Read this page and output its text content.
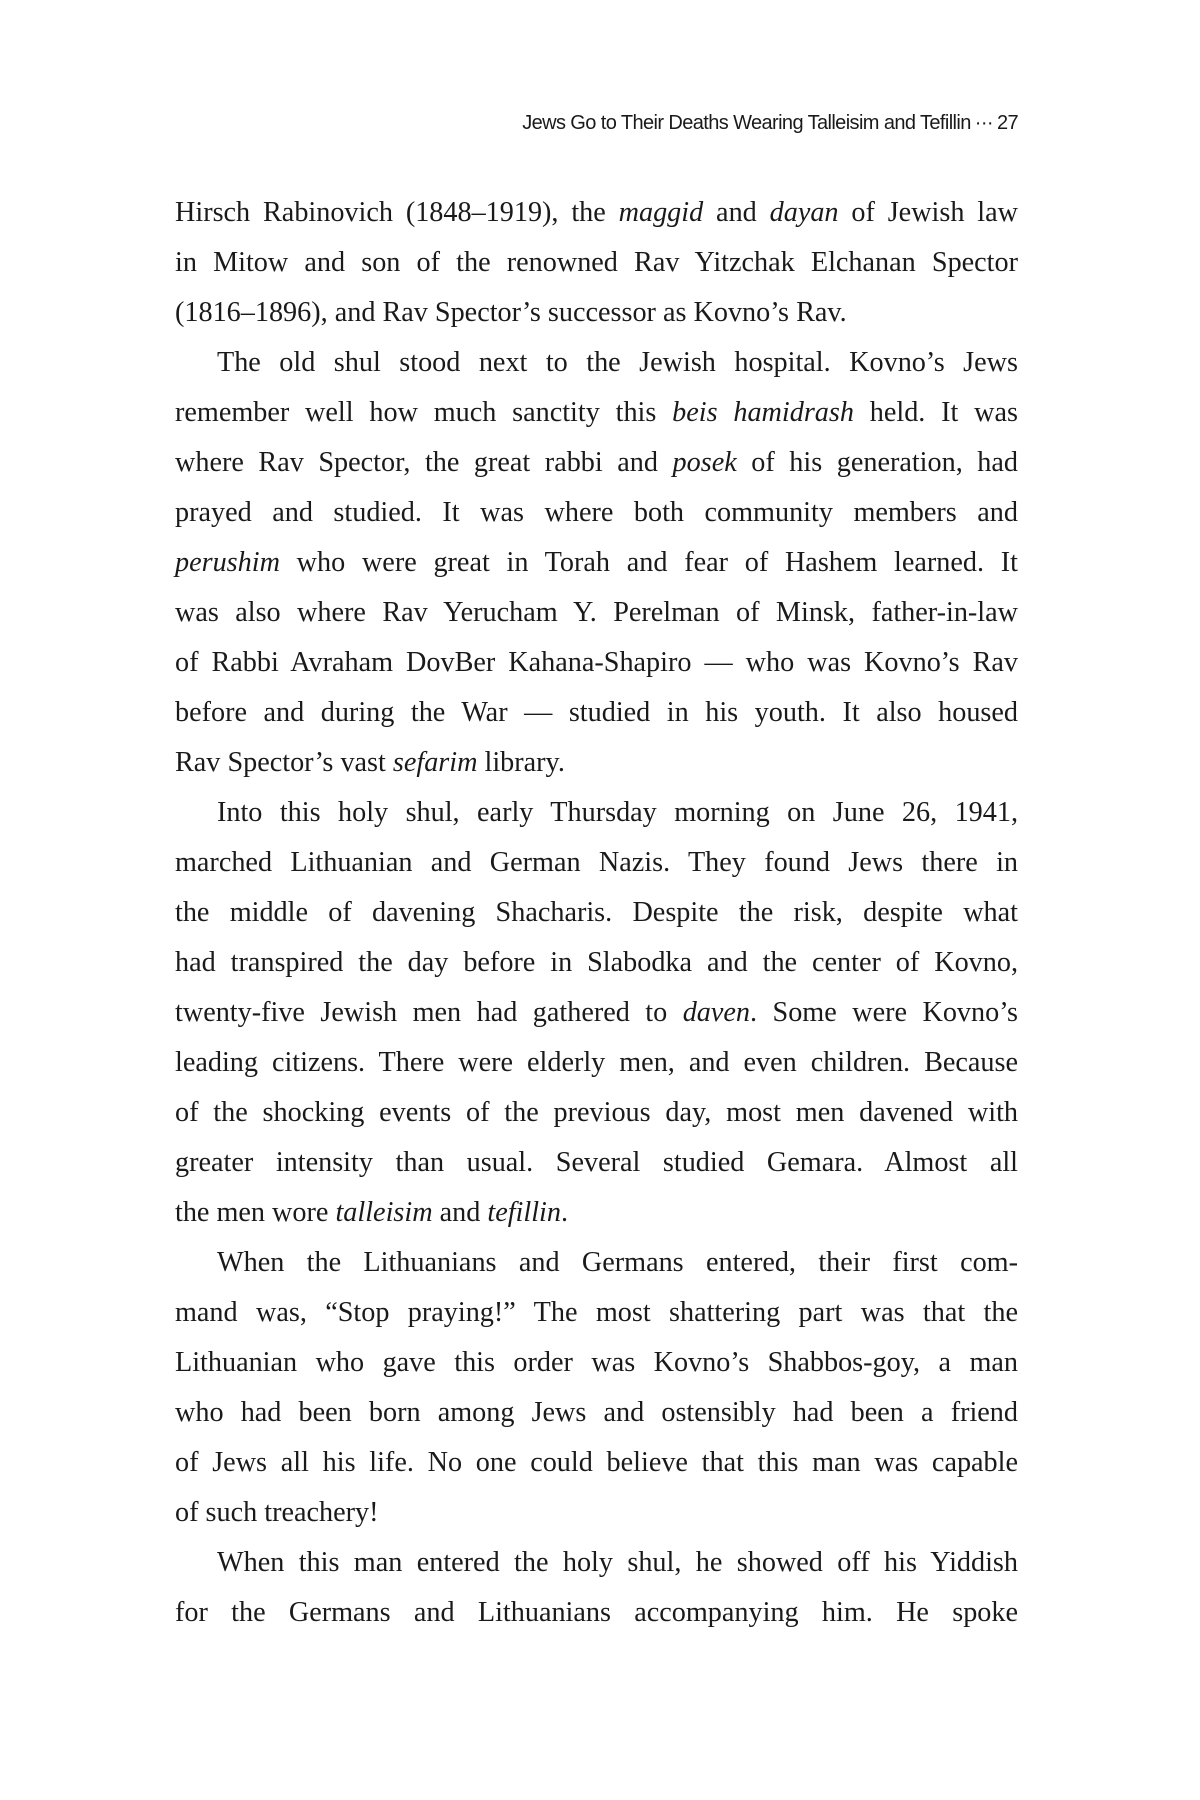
Jews Go to Their Deaths Wearing Talleisim and Tefillin ··· 27

Hirsch Rabinovich (1848–1919), the maggid and dayan of Jewish law
in Mitow and son of the renowned Rav Yitzchak Elchanan Spector
(1816–1896), and Rav Spector’s successor as Kovno’s Rav.

The old shul stood next to the Jewish hospital. Kovno’s Jews
remember well how much sanctity this beis hamidrash held. It was
where Rav Spector, the great rabbi and posek of his generation, had
prayed and studied. It was where both community members and
perushim who were great in Torah and fear of Hashem learned. It
was also where Rav Yerucham Y. Perelman of Minsk, father-in-law
of Rabbi Avraham DovBer Kahana-Shapiro — who was Kovno’s Rav
before and during the War — studied in his youth. It also housed
Rav Spector’s vast sefarim library.

Into this holy shul, early Thursday morning on June 26, 1941,
marched Lithuanian and German Nazis. They found Jews there in
the middle of davening Shacharis. Despite the risk, despite what
had transpired the day before in Slabodka and the center of Kovno,
twenty-five Jewish men had gathered to daven. Some were Kovno’s
leading citizens. There were elderly men, and even children. Because
of the shocking events of the previous day, most men davened with
greater intensity than usual. Several studied Gemara. Almost all
the men wore talleisim and tefillin.

When the Lithuanians and Germans entered, their first com-
mand was, “Stop praying!” The most shattering part was that the
Lithuanian who gave this order was Kovno’s Shabbos-goy, a man
who had been born among Jews and ostensibly had been a friend
of Jews all his life. No one could believe that this man was capable
of such treachery!

When this man entered the holy shul, he showed off his Yiddish
for the Germans and Lithuanians accompanying him. He spoke
